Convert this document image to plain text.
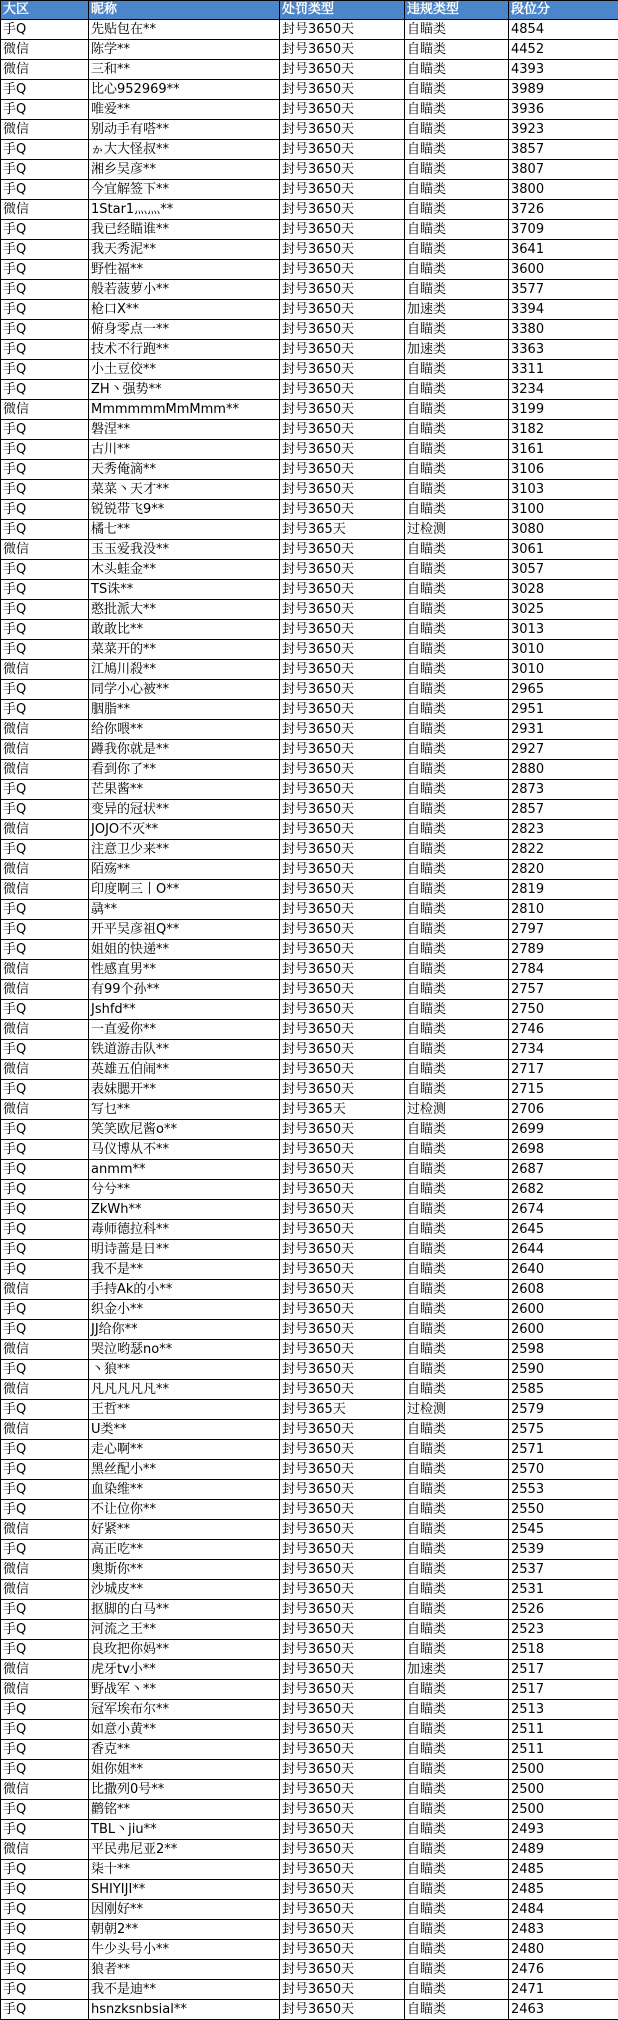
大区	昵称	处罚类型	违规类型	段位分
手Q	先贴包在**	封号3650天	自瞄类	4854
微信	陈学**	封号3650天	自瞄类	4452
微信	三和**	封号3650天	自瞄类	4393
手Q	比心952969**	封号3650天	自瞄类	3989
手Q	唯爱**	封号3650天	自瞄类	3936
微信	别动手有嗒**	封号3650天	自瞄类	3923
手Q	ゕ大大怪叔**	封号3650天	自瞄类	3857
手Q	湘乡吴彦**	封号3650天	自瞄类	3807
手Q	今宜解签下**	封号3650天	自瞄类	3800
微信	1Star1灬灬**	封号3650天	自瞄类	3726
手Q	我已经瞄谁**	封号3650天	自瞄类	3709
手Q	我天秀泥**	封号3650天	自瞄类	3641
手Q	野性福**	封号3650天	自瞄类	3600
手Q	般若菠萝小**	封号3650天	自瞄类	3577
手Q	枪口X**	封号3650天	加速类	3394
手Q	俯身零点一**	封号3650天	自瞄类	3380
手Q	技术不行跑**	封号3650天	加速类	3363
手Q	小土豆佼**	封号3650天	自瞄类	3311
手Q	ZH丶强势**	封号3650天	自瞄类	3234
微信	MmmmmmMmMmm**	封号3650天	自瞄类	3199
手Q	磐涅**	封号3650天	自瞄类	3182
手Q	古川**	封号3650天	自瞄类	3161
手Q	天秀俺滴**	封号3650天	自瞄类	3106
手Q	菜菜丶天才**	封号3650天	自瞄类	3103
手Q	锐锐带飞9**	封号3650天	自瞄类	3100
手Q	橘七**	封号365天	过检测	3080
微信	玉玉爱我没**	封号3650天	自瞄类	3061
手Q	木头蛙金**	封号3650天	自瞄类	3057
手Q	TS诛**	封号3650天	自瞄类	3028
手Q	憨批派大**	封号3650天	自瞄类	3025
手Q	敢敢比**	封号3650天	自瞄类	3013
手Q	菜菜开的**	封号3650天	自瞄类	3010
微信	江鳩川殺**	封号3650天	自瞄类	3010
手Q	同学小心被**	封号3650天	自瞄类	2965
手Q	胭脂**	封号3650天	自瞄类	2951
微信	给你喂**	封号3650天	自瞄类	2931
微信	蹲我你就是**	封号3650天	自瞄类	2927
微信	看到你了**	封号3650天	自瞄类	2880
手Q	芒果酱**	封号3650天	自瞄类	2873
手Q	变异的冠状**	封号3650天	自瞄类	2857
微信	JOJO不灭**	封号3650天	自瞄类	2823
手Q	注意卫少来**	封号3650天	自瞄类	2822
微信	陌殇**	封号3650天	自瞄类	2820
微信	印度啊三丨O**	封号3650天	自瞄类	2819
手Q	骉**	封号3650天	自瞄类	2810
手Q	开平吴彦祖Q**	封号3650天	自瞄类	2797
手Q	姐姐的快递**	封号3650天	自瞄类	2789
微信	性感直男**	封号3650天	自瞄类	2784
微信	有99个孙**	封号3650天	自瞄类	2757
手Q	Jshfd**	封号3650天	自瞄类	2750
微信	一直爱你**	封号3650天	自瞄类	2746
手Q	铁道游击队**	封号3650天	自瞄类	2734
微信	英雄五伯闹**	封号3650天	自瞄类	2717
手Q	表妹腮开**	封号3650天	自瞄类	2715
微信	写乜**	封号365天	过检测	2706
手Q	笑笑欧尼酱o**	封号3650天	自瞄类	2699
手Q	马仪博从不**	封号3650天	自瞄类	2698
手Q	anmm**	封号3650天	自瞄类	2687
手Q	兮兮**	封号3650天	自瞄类	2682
手Q	ZkWh**	封号3650天	自瞄类	2674
手Q	毒师德拉科**	封号3650天	自瞄类	2645
手Q	明诗蔷是日**	封号3650天	自瞄类	2644
手Q	我不是**	封号3650天	自瞄类	2640
微信	手持Ak的小**	封号3650天	自瞄类	2608
手Q	织金小**	封号3650天	自瞄类	2600
手Q	JJ给你**	封号3650天	自瞄类	2600
微信	哭泣哟瑟no**	封号3650天	自瞄类	2598
手Q	丶狼**	封号3650天	自瞄类	2590
微信	凡凡凡凡凡**	封号3650天	自瞄类	2585
手Q	王哲**	封号365天	过检测	2579
微信	U类**	封号3650天	自瞄类	2575
手Q	走心啊**	封号3650天	自瞄类	2571
手Q	黑丝配小**	封号3650天	自瞄类	2570
手Q	血染维**	封号3650天	自瞄类	2553
手Q	不让位你**	封号3650天	自瞄类	2550
微信	好紧**	封号3650天	自瞄类	2545
手Q	高正吃**	封号3650天	自瞄类	2539
微信	奥斯你**	封号3650天	自瞄类	2537
微信	沙城皮**	封号3650天	自瞄类	2531
手Q	抠脚的白马**	封号3650天	自瞄类	2526
手Q	河流之王**	封号3650天	自瞄类	2523
手Q	良玫把你妈**	封号3650天	自瞄类	2518
微信	虎牙tv小**	封号3650天	加速类	2517
微信	野战军丶**	封号3650天	自瞄类	2517
手Q	冠军埃布尔**	封号3650天	自瞄类	2513
手Q	如意小黄**	封号3650天	自瞄类	2511
手Q	香克**	封号3650天	自瞄类	2511
手Q	姐你姐**	封号3650天	自瞄类	2500
微信	比撒列0号**	封号3650天	自瞄类	2500
手Q	鹳铭**	封号3650天	自瞄类	2500
手Q	TBL丶jiu**	封号3650天	自瞄类	2493
微信	平民弗尼亚2**	封号3650天	自瞄类	2489
手Q	柒十**	封号3650天	自瞄类	2485
手Q	SHIYIJI**	封号3650天	自瞄类	2485
手Q	因刚好**	封号3650天	自瞄类	2484
手Q	朝朝2**	封号3650天	自瞄类	2483
手Q	牛少头号小**	封号3650天	自瞄类	2480
手Q	狼者**	封号3650天	自瞄类	2476
手Q	我不是迪**	封号3650天	自瞄类	2471
手Q	hsnzksnbsial**	封号3650天	自瞄类	2463
